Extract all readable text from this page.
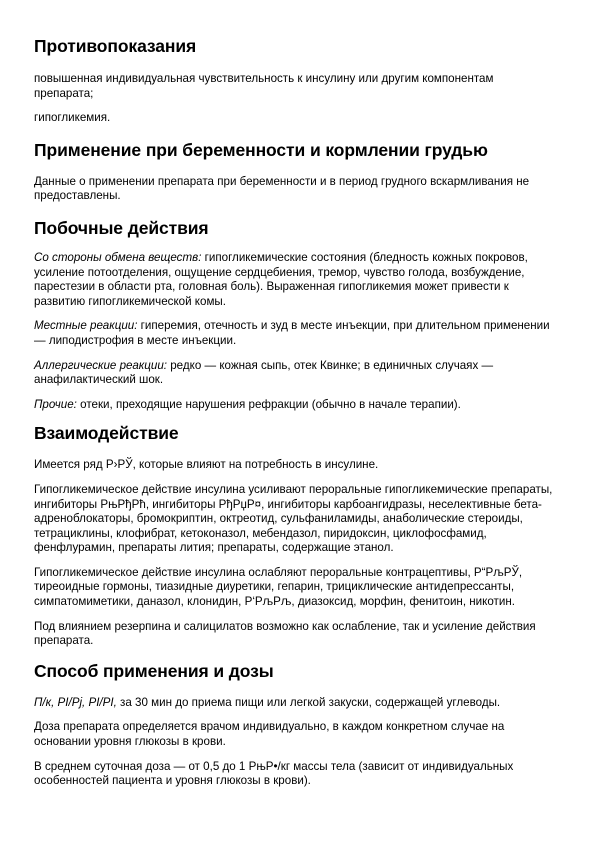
Противопоказания

повышенная индивидуальная чувствительность к инсулину или другим компонентам препарата;

гипогликемия.

Применение при беременности и кормлении грудью

Данные о применении препарата при беременности и в период грудного вскармливания не предоставлены.

Побочные действия

Со стороны обмена веществ: гипогликемические состояния (бледность кожных покровов, усиление потоотделения, ощущение сердцебиения, тремор, чувство голода, возбуждение, парестезии в области рта, головная боль). Выраженная гипогликемия может привести к развитию гипогликемической комы.

Местные реакции: гиперемия, отечность и зуд в месте инъекции, при длительном применении — липодистрофия в месте инъекции.

Аллергические реакции: редко — кожная сыпь, отек Квинке; в единичных случаях — анафилактический шок.

Прочие: отеки, преходящие нарушения рефракции (обычно в начале терапии).

Взаимодействие

Имеется ряд Р›РЎ, которые влияют на потребность в инсулине.

Гипогликемическое действие инсулина усиливают пероральные гипогликемические препараты, ингибиторы РњРђРћ, ингибиторы РђРџР¤, ингибиторы карбоангидразы, неселективные бета-адреноблокаторы, бромокриптин, октреотид, сульфаниламиды, анаболические стероиды, тетрациклины, клофибрат, кетоконазол, мебендазол, пиридоксин, циклофосфамид, фенфлурамин, препараты лития; препараты, содержащие этанол.

Гипогликемическое действие инсулина ослабляют пероральные контрацептивы, Р“РљРЎ, тиреоидные гормоны, тиазидные диуретики, гепарин, трициклические антидепрессанты, симпатомиметики, даназол, клонидин, Р‘РљРљ, диазоксид, морфин, фенитоин, никотин.

Под влиянием резерпина и салицилатов возможно как ослабление, так и усиление действия препарата.

Способ применения и дозы

П/к, РІ/Рј, РІ/РІ, за 30 мин до приема пищи или легкой закуски, содержащей углеводы.

Доза препарата определяется врачом индивидуально, в каждом конкретном случае на основании уровня глюкозы в крови.

В среднем суточная доза — от 0,5 до 1 РњР•/кг массы тела (зависит от индивидуальных особенностей пациента и уровня глюкозы в крови).
